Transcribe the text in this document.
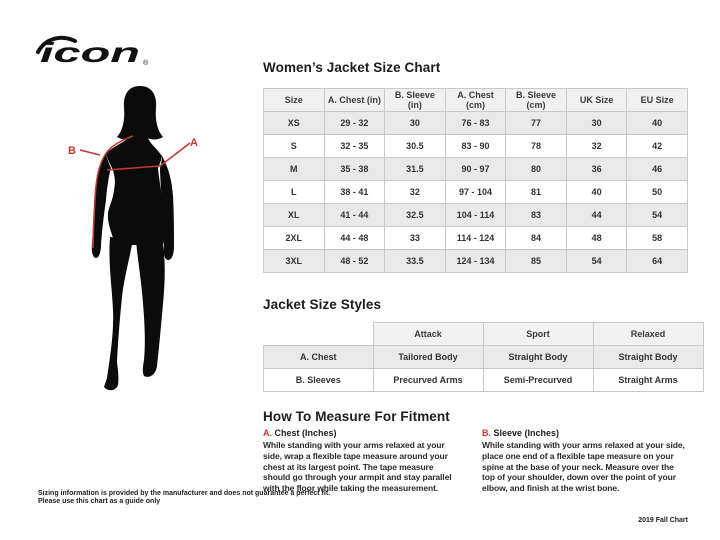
icon ®
A
B
Women’s Jacket Size Chart
Size	A. Chest (in)	B. Sleeve (in)	A. Chest (cm)	B. Sleeve (cm)	UK Size	EU Size
XS	29 - 32	30	76 - 83	77	30	40
S	32 - 35	30.5	83 - 90	78	32	42
M	35 - 38	31.5	90 - 97	80	36	46
L	38 - 41	32	97 - 104	81	40	50
XL	41 - 44	32.5	104 - 114	83	44	54
2XL	44 - 48	33	114 - 124	84	48	58
3XL	48 - 52	33.5	124 - 134	85	54	64
Jacket Size Styles
	Attack	Sport	Relaxed
A. Chest	Tailored Body	Straight Body	Straight Body
B. Sleeves	Precurved Arms	Semi-Precurved	Straight Arms
How To Measure For Fitment

A. Chest (Inches)

While standing with your arms relaxed at your side, wrap a flexible tape measure around your chest at its largest point. The tape measure should go through your armpit and stay parallel with the floor while taking the measurement.

B. Sleeve (Inches)

While standing with your arms relaxed at your side, place one end of a flexible tape measure on your spine at the base of your neck. Measure over the top of your shoulder, down over the point of your elbow, and finish at the wrist bone.

Sizing information is provided by the manufacturer and does not guarantee a perfect fit.
Please use this chart as a guide only
2019 Fall Chart
